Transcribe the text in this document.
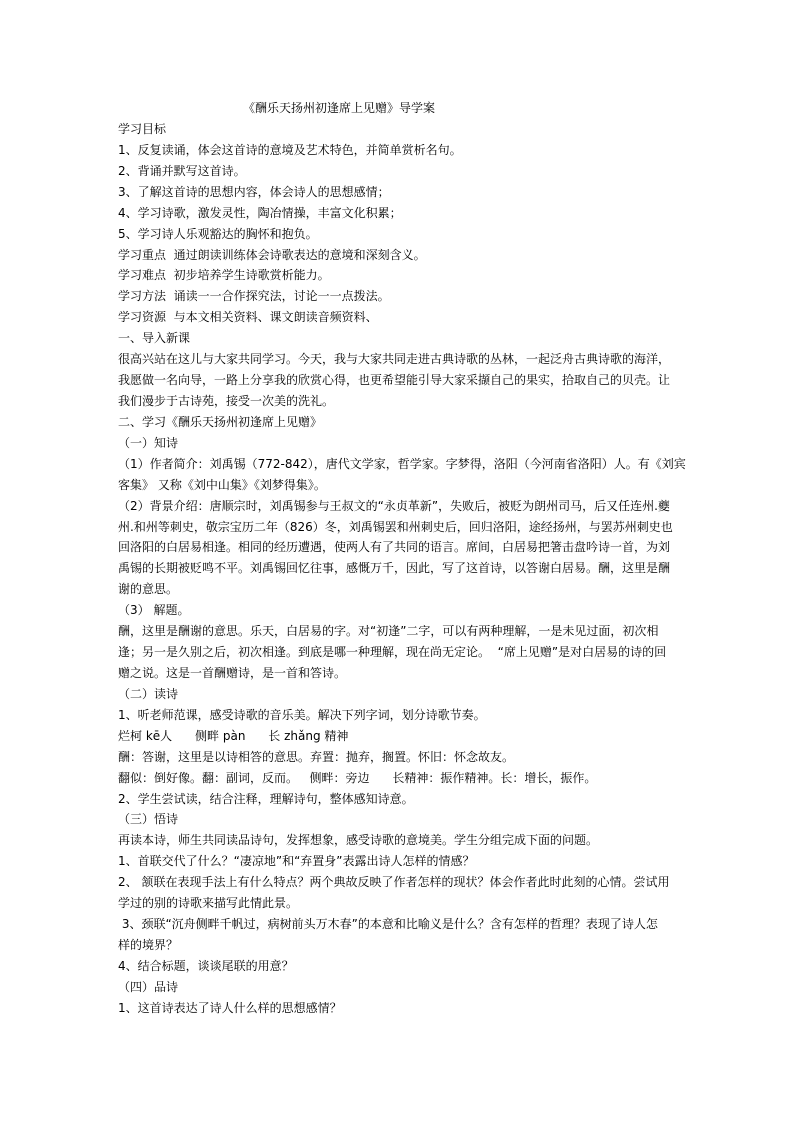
《酬乐天扬州初逢席上见赠》导学案
学习目标
1、反复读诵，体会这首诗的意境及艺术特色，并简单赏析名句。
2、背诵并默写这首诗。
3、了解这首诗的思想内容，体会诗人的思想感情；
4、学习诗歌，激发灵性，陶冶情操，丰富文化积累；
5、学习诗人乐观豁达的胸怀和抱负。
学习重点  通过朗读训练体会诗歌表达的意境和深刻含义。
学习难点  初步培养学生诗歌赏析能力。
学习方法  诵读一一合作探究法，讨论一一点拨法。
学习资源  与本文相关资料、课文朗读音频资料、
一、导入新课
很高兴站在这儿与大家共同学习。今天，我与大家共同走进古典诗歌的丛林，一起泛舟古典诗歌的海洋，
我愿做一名向导，一路上分享我的欣赏心得，也更希望能引导大家采撷自己的果实，拾取自己的贝壳。让
我们漫步于古诗苑，接受一次美的洗礼。
二、学习《酬乐天扬州初逢席上见赠》
（一）知诗
（1）作者简介：刘禹锡（772-842），唐代文学家，哲学家。字梦得，洛阳（今河南省洛阳）人。有《刘宾
客集》 又称《刘中山集》《刘梦得集》。
（2）背景介绍：唐顺宗时，刘禹锡参与王叔文的“永贞革新”，失败后，被贬为朗州司马，后又任连州.夔
州.和州等刺史，敬宗宝历二年（826）冬，刘禹锡罢和州刺史后，回归洛阳，途经扬州，与罢苏州刺史也
回洛阳的白居易相逢。相同的经历遭遇，使两人有了共同的语言。席间，白居易把箸击盘吟诗一首，为刘
禹锡的长期被贬鸣不平。刘禹锡回忆往事，感慨万千，因此，写了这首诗，以答谢白居易。酬，这里是酬
谢的意思。
（3） 解题。
酬，这里是酬谢的意思。乐天，白居易的字。对“初逢”二字，可以有两种理解，一是未见过面，初次相
逢；另一是久别之后，初次相逢。到底是哪一种理解，现在尚无定论。  “席上见赠”是对白居易的诗的回
赠之说。这是一首酬赠诗，是一首和答诗。
（二）读诗
1、听老师范课，感受诗歌的音乐美。解决下列字词，划分诗歌节奏。
烂柯 kē人      侧畔 pàn      长 zhǎng 精神
酬：答谢，这里是以诗相答的意思。弃置：抛弃，搁置。怀旧：怀念故友。
翻似：倒好像。翻：副词，反而。   侧畔：旁边      长精神：振作精神。长：增长，振作。
2、学生尝试读，结合注释，理解诗句，整体感知诗意。
（三）悟诗
再读本诗，师生共同读品诗句，发挥想象，感受诗歌的意境美。学生分组完成下面的问题。
1、首联交代了什么？“凄凉地”和“弃置身”表露出诗人怎样的情感？
2、 颔联在表现手法上有什么特点？两个典故反映了作者怎样的现状？体会作者此时此刻的心情。尝试用
学过的别的诗歌来描写此情此景。
3、颈联“沉舟侧畔千帆过，病树前头万木春”的本意和比喻义是什么？含有怎样的哲理？表现了诗人怎
样的境界？
4、结合标题，谈谈尾联的用意？
（四）品诗
1、这首诗表达了诗人什么样的思想感情？
